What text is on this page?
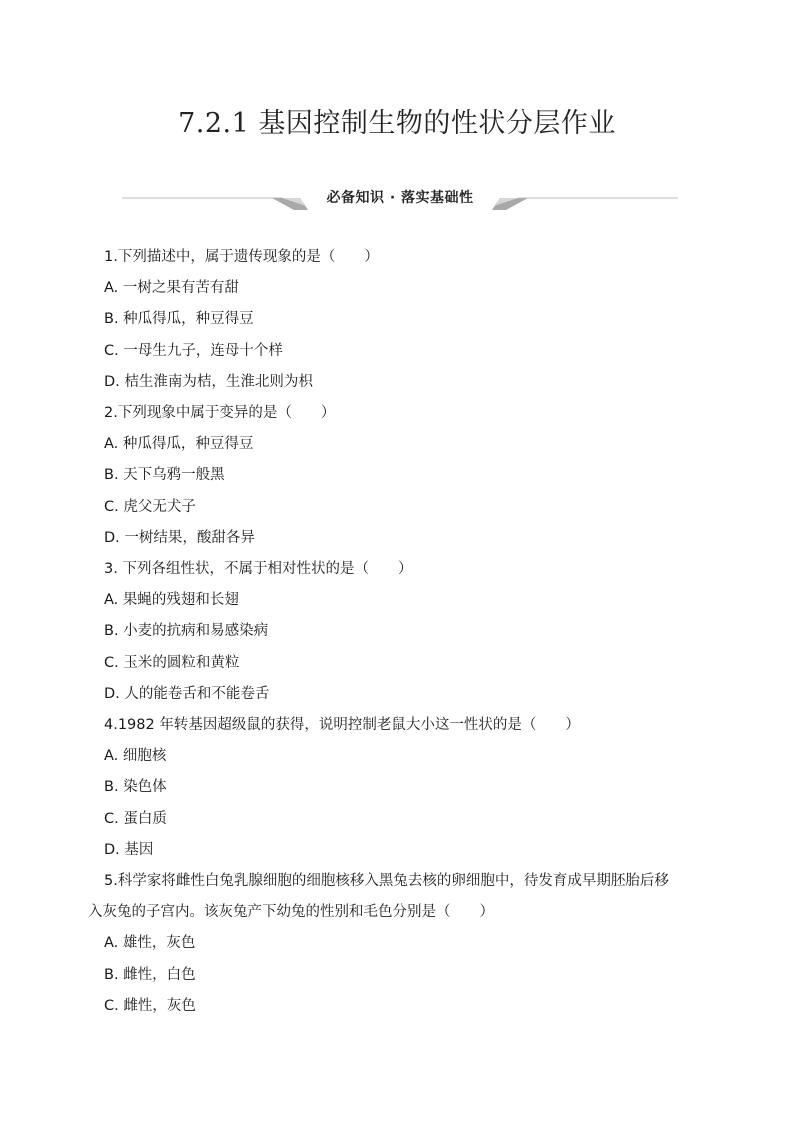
7.2.1 基因控制生物的性状分层作业
必备知识 · 落实基础性

1.下列描述中，属于遗传现象的是（　　）

A. 一树之果有苦有甜

B. 种瓜得瓜，种豆得豆

C. 一母生九子，连母十个样

D. 桔生淮南为桔，生淮北则为枳

2.下列现象中属于变异的是（　　）

A. 种瓜得瓜，种豆得豆

B. 天下乌鸦一般黑

C. 虎父无犬子

D. 一树结果，酸甜各异

3. 下列各组性状，不属于相对性状的是（　　）

A. 果蝇的残翅和长翅

B. 小麦的抗病和易感染病

C. 玉米的圆粒和黄粒

D. 人的能卷舌和不能卷舌

4.1982 年转基因超级鼠的获得，说明控制老鼠大小这一性状的是（　　）

A. 细胞核

B. 染色体

C. 蛋白质

D. 基因

5.科学家将雌性白兔乳腺细胞的细胞核移入黑兔去核的卵细胞中，待发育成早期胚胎后移
入灰兔的子宫内。该灰兔产下幼兔的性别和毛色分别是（　　）

A. 雄性，灰色

B. 雌性，白色

C. 雌性，灰色
